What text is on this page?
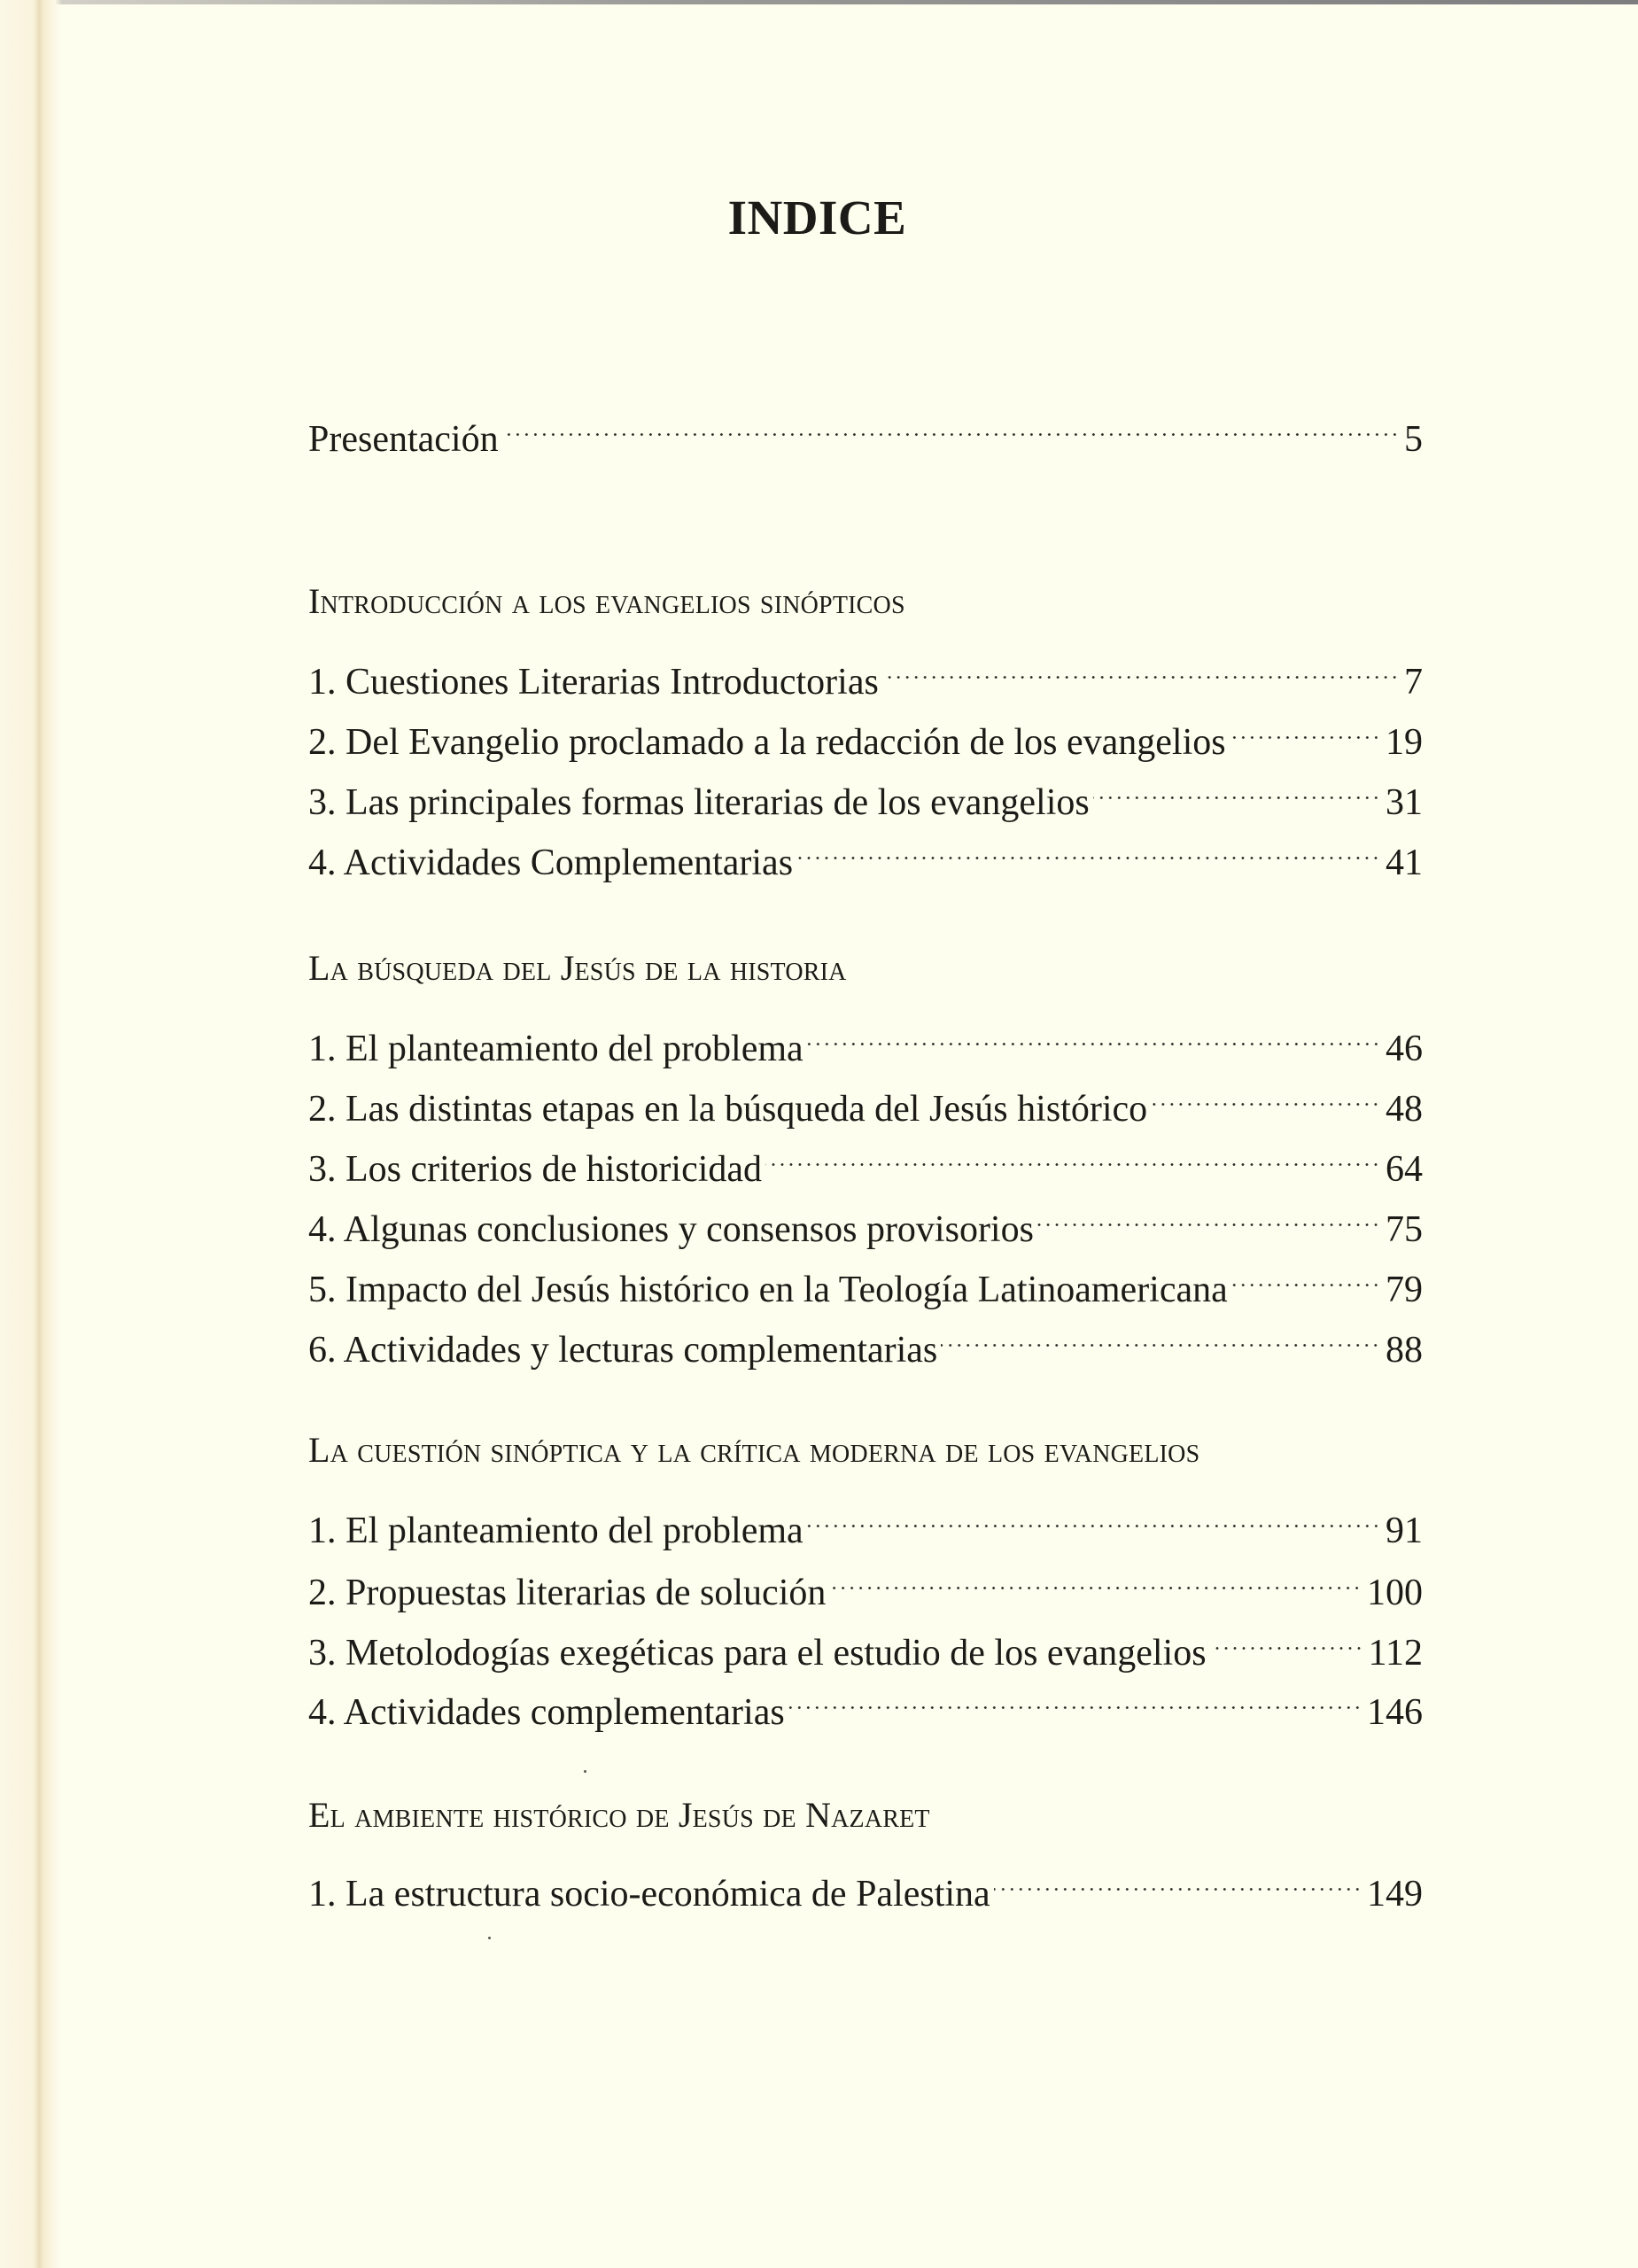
INDICE
Presentación	5
Introducción a los evangelios sinópticos
1. Cuestiones Literarias Introductorias	7
2. Del Evangelio proclamado a la redacción de los evangelios	19
3. Las principales formas literarias de los evangelios	31
4. Actividades Complementarias	41
La búsqueda del Jesús de la historia
1. El planteamiento del problema	46
2. Las distintas etapas en la búsqueda del Jesús histórico	48
3. Los criterios de historicidad	64
4. Algunas conclusiones y consensos provisorios	75
5. Impacto del Jesús histórico en la Teología Latinoamericana	79
6. Actividades y lecturas complementarias	88
La cuestión sinóptica y la crítica moderna de los evangelios
1. El planteamiento del problema	91
2. Propuestas literarias de solución	100
3. Metolodogías exegéticas para el estudio de los evangelios	112
4. Actividades complementarias	146
El ambiente histórico de Jesús de Nazaret
1. La estructura socio-económica de Palestina	149
